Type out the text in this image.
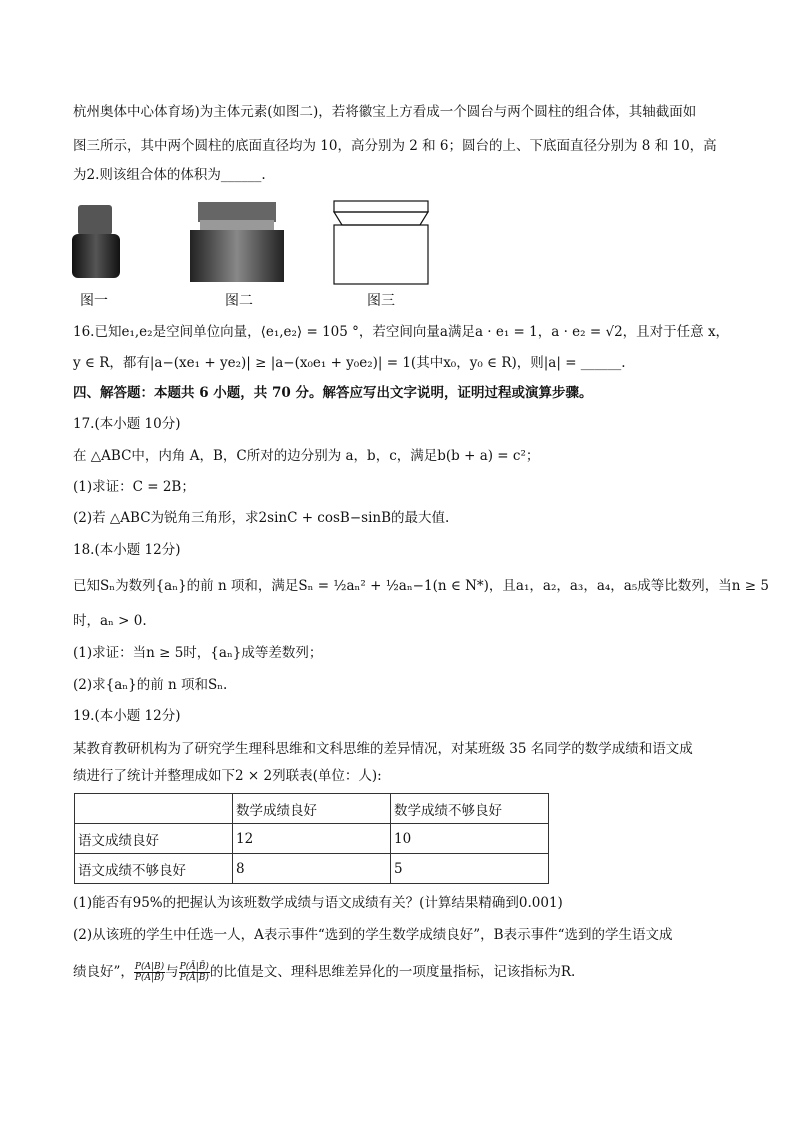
杭州奥体中心体育场)为主体元素(如图二)，若将徽宝上方看成一个圆台与两个圆柱的组合体，其轴截面如
图三所示，其中两个圆柱的底面直径均为 10，高分别为 2 和 6；圆台的上、下底面直径分别为 8 和 10，高
为2.则该组合体的体积为______.
图一	图二	图三
16.已知e₁,e₂是空间单位向量，⟨e₁,e₂⟩ = 105 °，若空间向量a满足a · e₁ = 1，a · e₂ = √2，且对于任意 x，
y ∈ R，都有|a−(xe₁ + ye₂)| ≥ |a−(x₀e₁ + y₀e₂)| = 1(其中x₀，y₀ ∈ R)，则|a| = ______.
四、解答题：本题共 6 小题，共 70 分。解答应写出文字说明，证明过程或演算步骤。
17.(本小题 10分)
在 △ABC中，内角 A，B，C所对的边分别为 a，b，c，满足b(b + a) = c²；
(1)求证：C = 2B；
(2)若 △ABC为锐角三角形，求2sinC + cosB−sinB的最大值.
18.(本小题 12分)
已知Sₙ为数列{aₙ}的前 n 项和，满足Sₙ = ½aₙ² + ½aₙ−1(n ∈ N*)，且a₁，a₂，a₃，a₄，a₅成等比数列，当n ≥ 5
时，aₙ > 0.
(1)求证：当n ≥ 5时，{aₙ}成等差数列；
(2)求{aₙ}的前 n 项和Sₙ.
19.(本小题 12分)
某教育教研机构为了研究学生理科思维和文科思维的差异情况，对某班级 35 名同学的数学成绩和语文成
绩进行了统计并整理成如下2 × 2列联表(单位：人):
	数学成绩良好	数学成绩不够良好
语文成绩良好	12	10
语文成绩不够良好	8	5
(1)能否有95%的把握认为该班数学成绩与语文成绩有关？(计算结果精确到0.001)
(2)从该班的学生中任选一人，A表示事件“选到的学生数学成绩良好”，B表示事件“选到的学生语文成
绩良好”， $\frac{P(A|B)}{P(A|B̄)}$ 与 $\frac{P(Ā|B̄)}{P(Ā|B)}$ 的比值是文、理科思维差异化的一项度量指标，记该指标为R.
